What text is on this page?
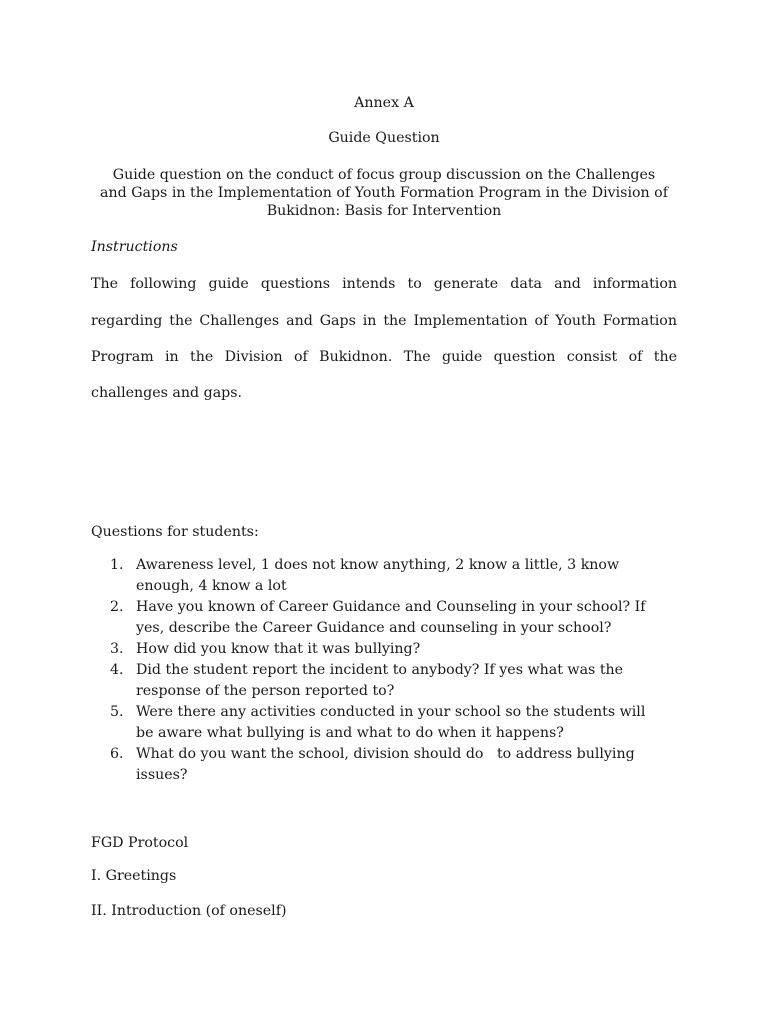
Annex A

Guide Question

Guide question on the conduct of focus group discussion on the Challenges

and Gaps in the Implementation of Youth Formation Program in the Division of

Bukidnon: Basis for Intervention

Instructions

The following guide questions intends to generate data and information

regarding the Challenges and Gaps in the Implementation of Youth Formation

Program in the Division of Bukidnon. The guide question consist of the

challenges and gaps.

Questions for students:

1. Awareness level, 1 does not know anything, 2 know a little, 3 know

enough, 4 know a lot

2. Have you known of Career Guidance and Counseling in your school? If

yes, describe the Career Guidance and counseling in your school?

3. How did you know that it was bullying?

4. Did the student report the incident to anybody? If yes what was the

response of the person reported to?

5. Were there any activities conducted in your school so the students will

be aware what bullying is and what to do when it happens?

6. What do you want the school, division should do   to address bullying

issues?

FGD Protocol

I. Greetings

II. Introduction (of oneself)
